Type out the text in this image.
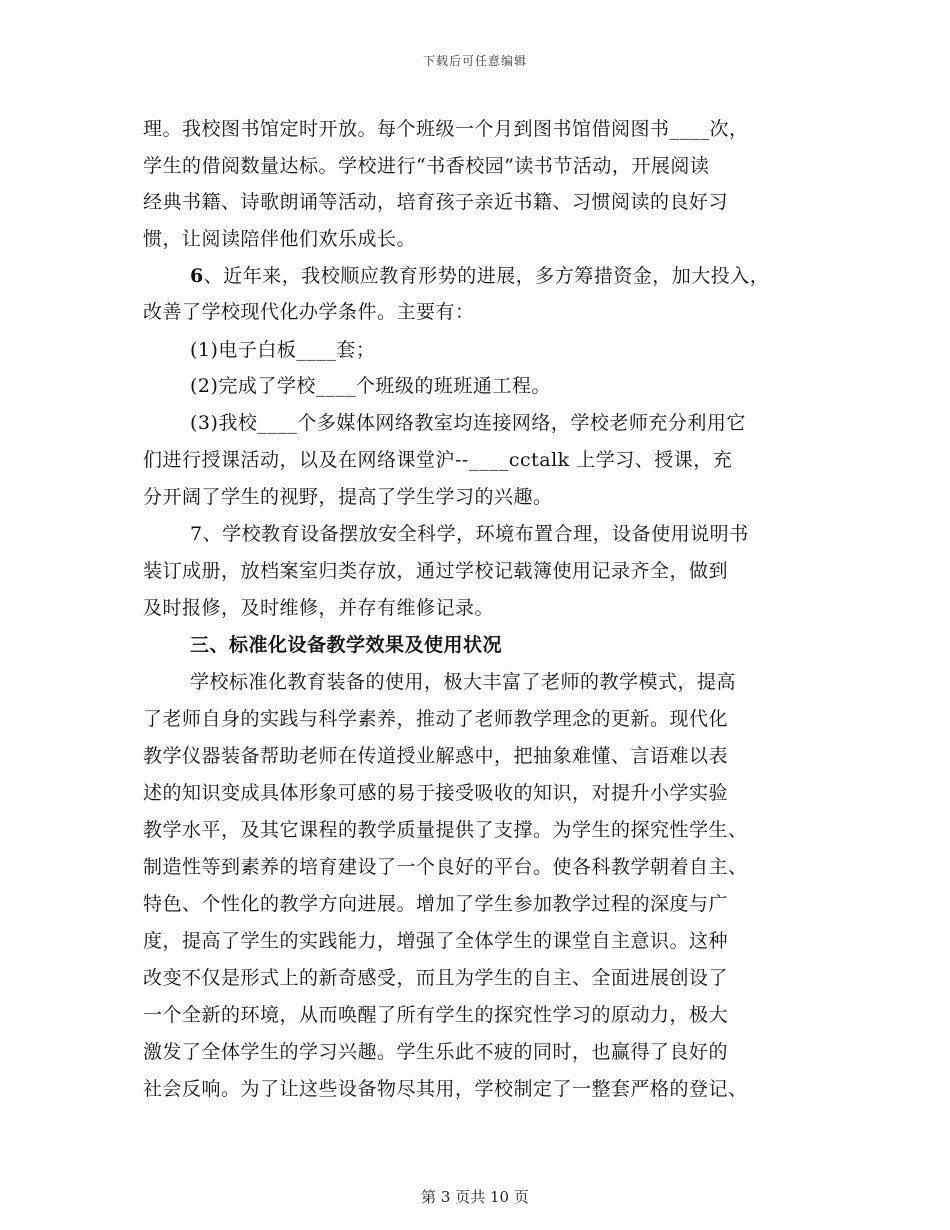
下载后可任意编辑
理。我校图书馆定时开放。每个班级一个月到图书馆借阅图书____次，
学生的借阅数量达标。学校进行“书香校园”读书节活动，开展阅读
经典书籍、诗歌朗诵等活动，培育孩子亲近书籍、习惯阅读的良好习
惯，让阅读陪伴他们欢乐成长。
6、近年来，我校顺应教育形势的进展，多方筹措资金，加大投入，
改善了学校现代化办学条件。主要有：
(1)电子白板____套；
(2)完成了学校____个班级的班班通工程。
(3)我校____个多媒体网络教室均连接网络，学校老师充分利用它
们进行授课活动，以及在网络课堂沪--____cctalk 上学习、授课，充
分开阔了学生的视野，提高了学生学习的兴趣。
7、学校教育设备摆放安全科学，环境布置合理，设备使用说明书
装订成册，放档案室归类存放，通过学校记载簿使用记录齐全，做到
及时报修，及时维修，并存有维修记录。
三、标准化设备教学效果及使用状况
学校标准化教育装备的使用，极大丰富了老师的教学模式，提高
了老师自身的实践与科学素养，推动了老师教学理念的更新。现代化
教学仪器装备帮助老师在传道授业解惑中，把抽象难懂、言语难以表
述的知识变成具体形象可感的易于接受吸收的知识，对提升小学实验
教学水平，及其它课程的教学质量提供了支撑。为学生的探究性学生、
制造性等到素养的培育建设了一个良好的平台。使各科教学朝着自主、
特色、个性化的教学方向进展。增加了学生参加教学过程的深度与广
度，提高了学生的实践能力，增强了全体学生的课堂自主意识。这种
改变不仅是形式上的新奇感受，而且为学生的自主、全面进展创设了
一个全新的环境，从而唤醒了所有学生的探究性学习的原动力，极大
激发了全体学生的学习兴趣。学生乐此不疲的同时，也赢得了良好的
社会反响。为了让这些设备物尽其用，学校制定了一整套严格的登记、
第 3 页共 10 页
